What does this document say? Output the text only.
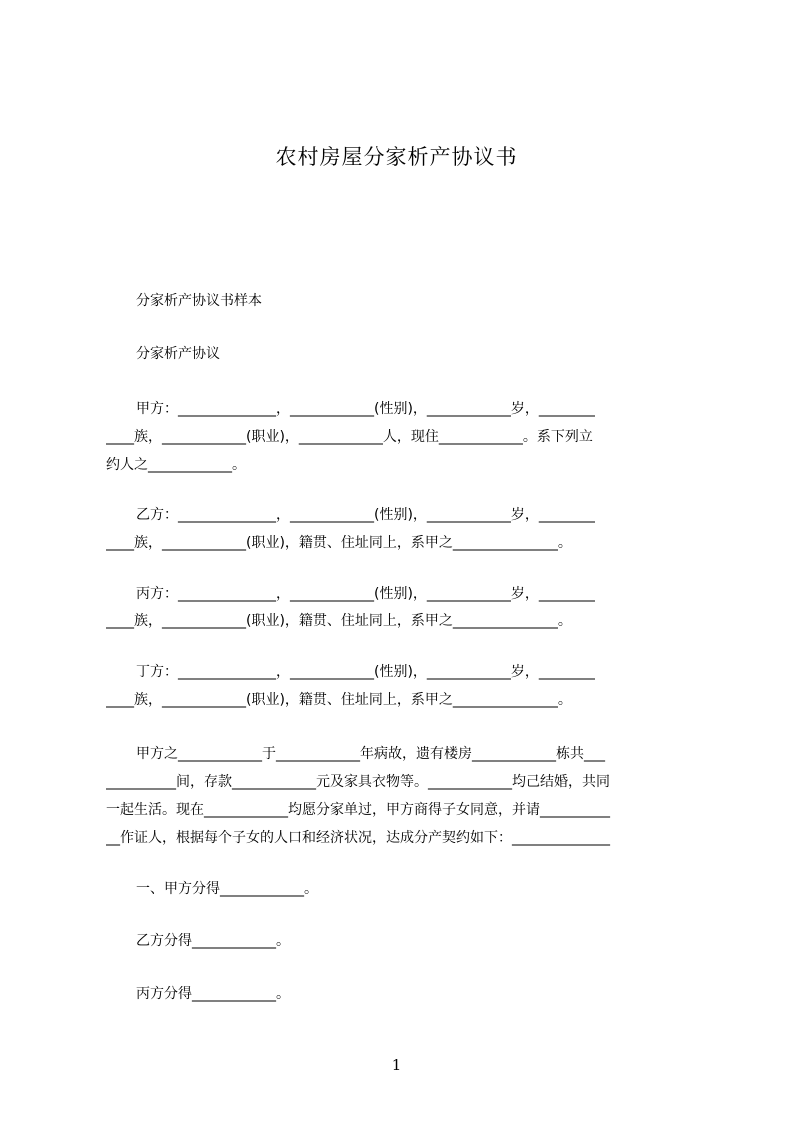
农村房屋分家析产协议书
分家析产协议书样本
分家析产协议
甲方：______________，____________(性别)，____________岁，________
____族，____________(职业)，____________人，现住____________。系下列立
约人之____________。
乙方：______________，____________(性别)，____________岁，________
____族，____________(职业)，籍贯、住址同上，系甲之_______________。
丙方：______________，____________(性别)，____________岁，________
____族，____________(职业)，籍贯、住址同上，系甲之_______________。
丁方：______________，____________(性别)，____________岁，________
____族，____________(职业)，籍贯、住址同上，系甲之_______________。
甲方之____________于____________年病故，遗有楼房____________栋共___
__________间，存款____________元及家具衣物等。____________均己结婚，共同
一起生活。现在____________均愿分家单过，甲方商得子女同意，并请__________
__作证人，根据每个子女的人口和经济状况，达成分产契约如下：______________
一、甲方分得____________。
乙方分得____________。
丙方分得____________。
1
